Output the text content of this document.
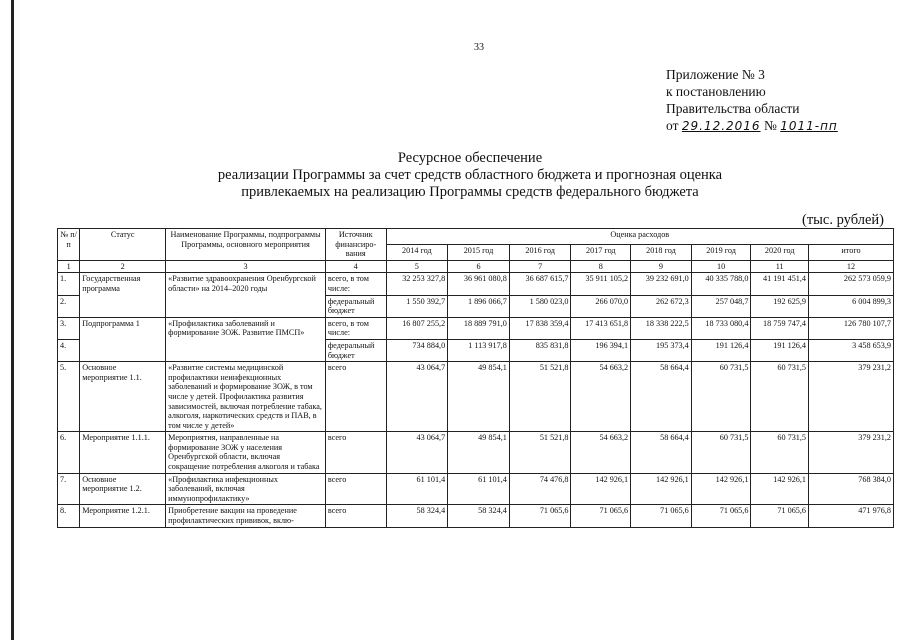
33
Приложение № 3
к постановлению
Правительства области
от 29.12.2016 № 1011-пп
Ресурсное обеспечение
реализации Программы за счет средств областного бюджета и прогнозная оценка
привлекаемых на реализацию Программы средств федерального бюджета
(тыс. рублей)
№ п/п	Статус	Наименование Программы, подпрограммы Программы, основного мероприятия	Источник финансиро-вания	Оценка расходов							
				2014 год	2015 год	2016 год	2017 год	2018 год	2019 год	2020 год	итого
1	2	3	4	5	6	7	8	9	10	11	12
1.	Государственная программа	«Развитие здравоохранения Оренбургской области» на 2014–2020 годы	всего, в том числе:	32 253 327,8	36 961 080,8	36 687 615,7	35 911 105,2	39 232 691,0	40 335 788,0	41 191 451,4	262 573 059,9
2.			федеральный бюджет	1 550 392,7	1 896 066,7	1 580 023,0	266 070,0	262 672,3	257 048,7	192 625,9	6 004 899,3
3.	Подпрограмма 1	«Профилактика заболеваний и формирование ЗОЖ. Развитие ПМСП»	всего, в том числе:	16 807 255,2	18 889 791,0	17 838 359,4	17 413 651,8	18 338 222,5	18 733 080,4	18 759 747,4	126 780 107,7
4.			федеральный бюджет	734 884,0	1 113 917,8	835 831,8	196 394,1	195 373,4	191 126,4	191 126,4	3 458 653,9
5.	Основное мероприятие 1.1.	«Развитие системы медицинской профилактики неинфекционных заболеваний и формирование ЗОЖ, в том числе у детей. Профилактика развития зависимостей, включая потребление табака, алкоголя, наркотических средств и ПАВ, в том числе у детей»	всего	43 064,7	49 854,1	51 521,8	54 663,2	58 664,4	60 731,5	60 731,5	379 231,2
6.	Мероприятие 1.1.1.	Мероприятия, направленные на формирование ЗОЖ у населения Оренбургской области, включая сокращение потребления алкоголя и табака	всего	43 064,7	49 854,1	51 521,8	54 663,2	58 664,4	60 731,5	60 731,5	379 231,2
7.	Основное мероприятие 1.2.	«Профилактика инфекционных заболеваний, включая иммунопрофилактику»	всего	61 101,4	61 101,4	74 476,8	142 926,1	142 926,1	142 926,1	142 926,1	768 384,0
8.	Мероприятие 1.2.1.	Приобретение вакцин на проведение профилактических прививок, вклю-	всего	58 324,4	58 324,4	71 065,6	71 065,6	71 065,6	71 065,6	71 065,6	471 976,8
